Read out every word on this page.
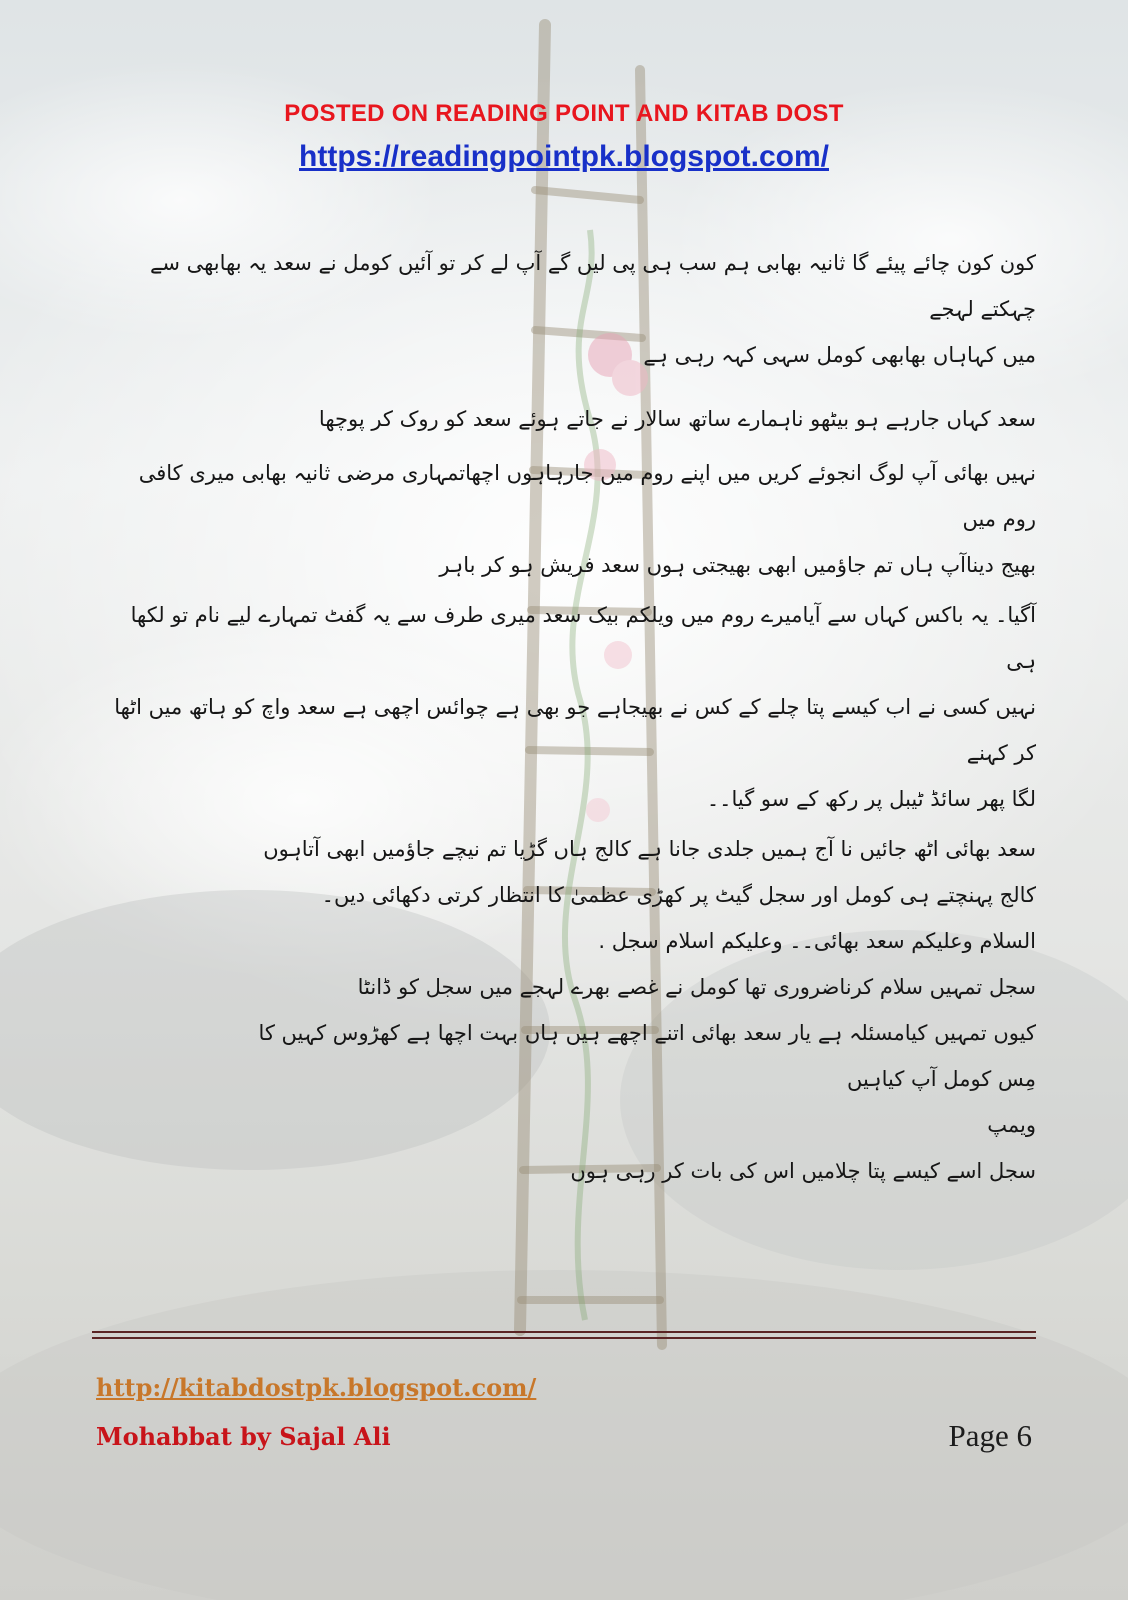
POSTED ON READING POINT AND KITAB DOST
https://readingpointpk.blogspot.com/

کون کون چائے پیئے گا ثانیہ بھابی ہم سب ہی پی لیں گے آپ لے کر تو آئیں کومل نے سعد یہ بھابھی سے چہکتے لہجے
میں کہاہاں بھابھی کومل سہی کہہ رہی ہے

سعد کہاں جارہے ہو بیٹھو ناہمارے ساتھ سالار نے جاتے ہوئے سعد کو روک کر پوچھا

نہیں بھائی آپ لوگ انجوئے کریں میں اپنے روم میں جارہاہوں اچھاتمہاری مرضی ثانیہ بھابی میری کافی روم میں
بھیج دیناآپ ہاں تم جاؤمیں ابھی بھیجتی ہوں سعد فریش ہو کر باہر

آگیا۔ یہ باکس کہاں سے آیامیرے روم میں ویلکم بیک سعد میری طرف سے یہ گفٹ تمہارے لیے نام تو لکھا ہی
نہیں کسی نے اب کیسے پتا چلے کے کس نے بھیجاہے جو بھی ہے چوائس اچھی ہے سعد واچ کو ہاتھ میں اٹھا کر کہنے
لگا پھر سائڈ ٹیبل پر رکھ کے سو گیا۔۔

سعد بھائی اٹھ جائیں نا آج ہمیں جلدی جانا ہے کالج ہاں گڑیا تم نیچے جاؤمیں ابھی آتاہوں

کالج پہنچتے ہی کومل اور سجل گیٹ پر کھڑی عظمیٰ کا انتظار کرتی دکھائی دیں۔

السلام وعلیکم سعد بھائی۔۔ وعلیکم اسلام سجل .

سجل تمہیں سلام کرناضروری تھا کومل نے غصے بھرے لہجے میں سجل کو ڈانٹا

کیوں تمہیں کیامسئلہ ہے یار سعد بھائی اتنے اچھے ہیں ہاں بہت اچھا ہے کھڑوس کہیں کا

مِس کومل آپ کیاہیں

ویمپ

سجل اسے کیسے پتا چلامیں اس کی بات کر رہی ہوں

http://kitabdostpk.blogspot.com/
Mohabbat by Sajal Ali	Page 6
